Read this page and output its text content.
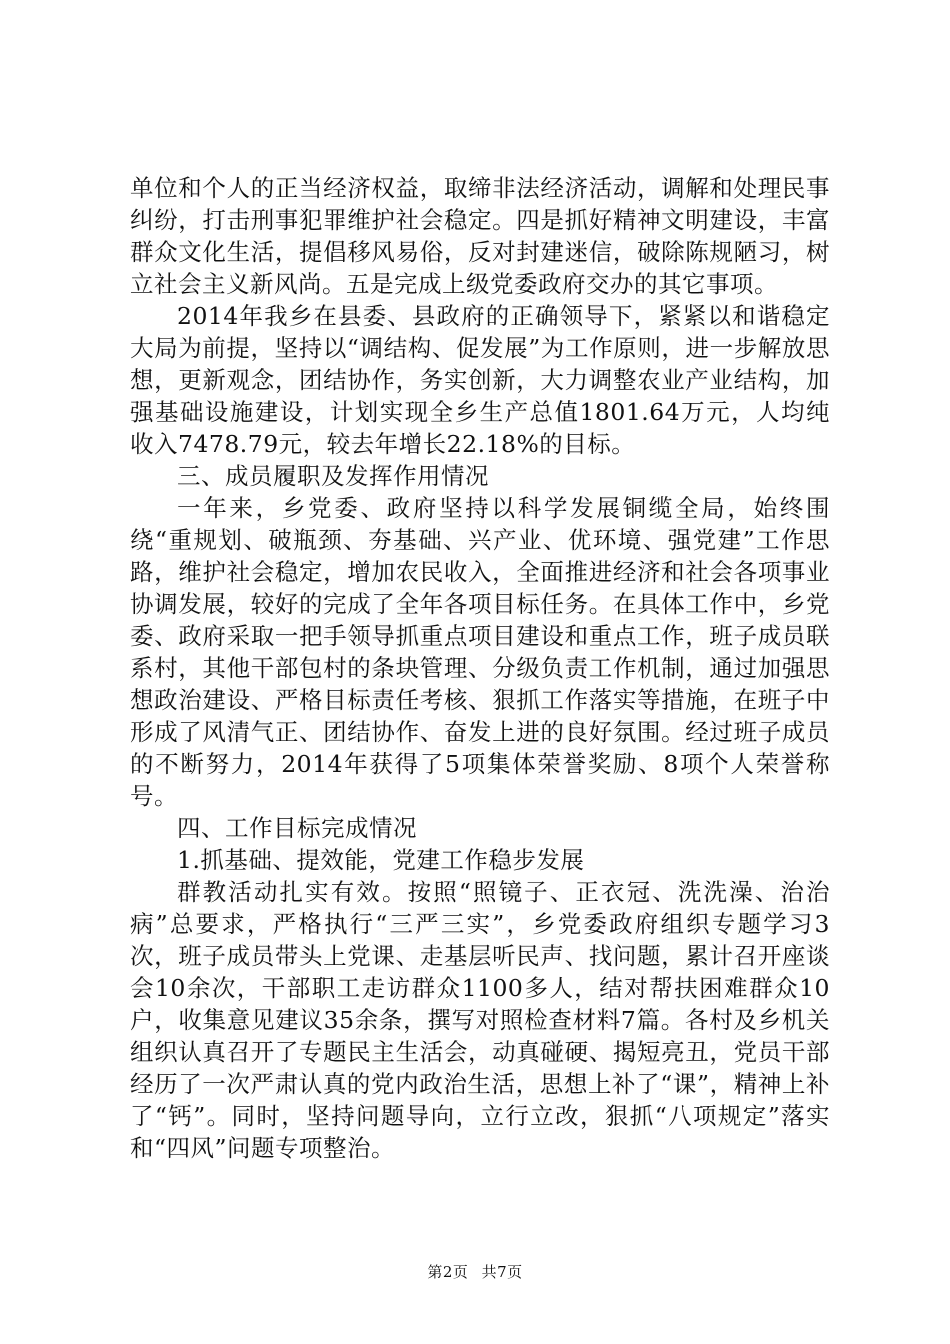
单位和个人的正当经济权益，取缔非法经济活动，调解和处理民事纠纷，打击刑事犯罪维护社会稳定。四是抓好精神文明建设，丰富群众文化生活，提倡移风易俗，反对封建迷信，破除陈规陋习，树立社会主义新风尚。五是完成上级党委政府交办的其它事项。

2014年我乡在县委、县政府的正确领导下，紧紧以和谐稳定大局为前提，坚持以“调结构、促发展”为工作原则，进一步解放思想，更新观念，团结协作，务实创新，大力调整农业产业结构，加强基础设施建设，计划实现全乡生产总值1801.64万元，人均纯收入7478.79元，较去年增长22.18%的目标。

三、成员履职及发挥作用情况

一年来，乡党委、政府坚持以科学发展铜缆全局，始终围绕“重规划、破瓶颈、夯基础、兴产业、优环境、强党建”工作思路，维护社会稳定，增加农民收入，全面推进经济和社会各项事业协调发展，较好的完成了全年各项目标任务。在具体工作中，乡党委、政府采取一把手领导抓重点项目建设和重点工作，班子成员联系村，其他干部包村的条块管理、分级负责工作机制，通过加强思想政治建设、严格目标责任考核、狠抓工作落实等措施，在班子中形成了风清气正、团结协作、奋发上进的良好氛围。经过班子成员的不断努力，2014年获得了5项集体荣誉奖励、8项个人荣誉称号。

四、工作目标完成情况

1.抓基础、提效能，党建工作稳步发展

群教活动扎实有效。按照“照镜子、正衣冠、洗洗澡、治治病”总要求，严格执行“三严三实”，乡党委政府组织专题学习3次，班子成员带头上党课、走基层听民声、找问题，累计召开座谈会10余次，干部职工走访群众1100多人，结对帮扶困难群众10户，收集意见建议35余条，撰写对照检查材料7篇。各村及乡机关组织认真召开了专题民主生活会，动真碰硬、揭短亮丑，党员干部经历了一次严肃认真的党内政治生活，思想上补了“课”，精神上补了“钙”。同时，坚持问题导向，立行立改，狠抓“八项规定”落实和“四风”问题专项整治。

第2页 共7页
